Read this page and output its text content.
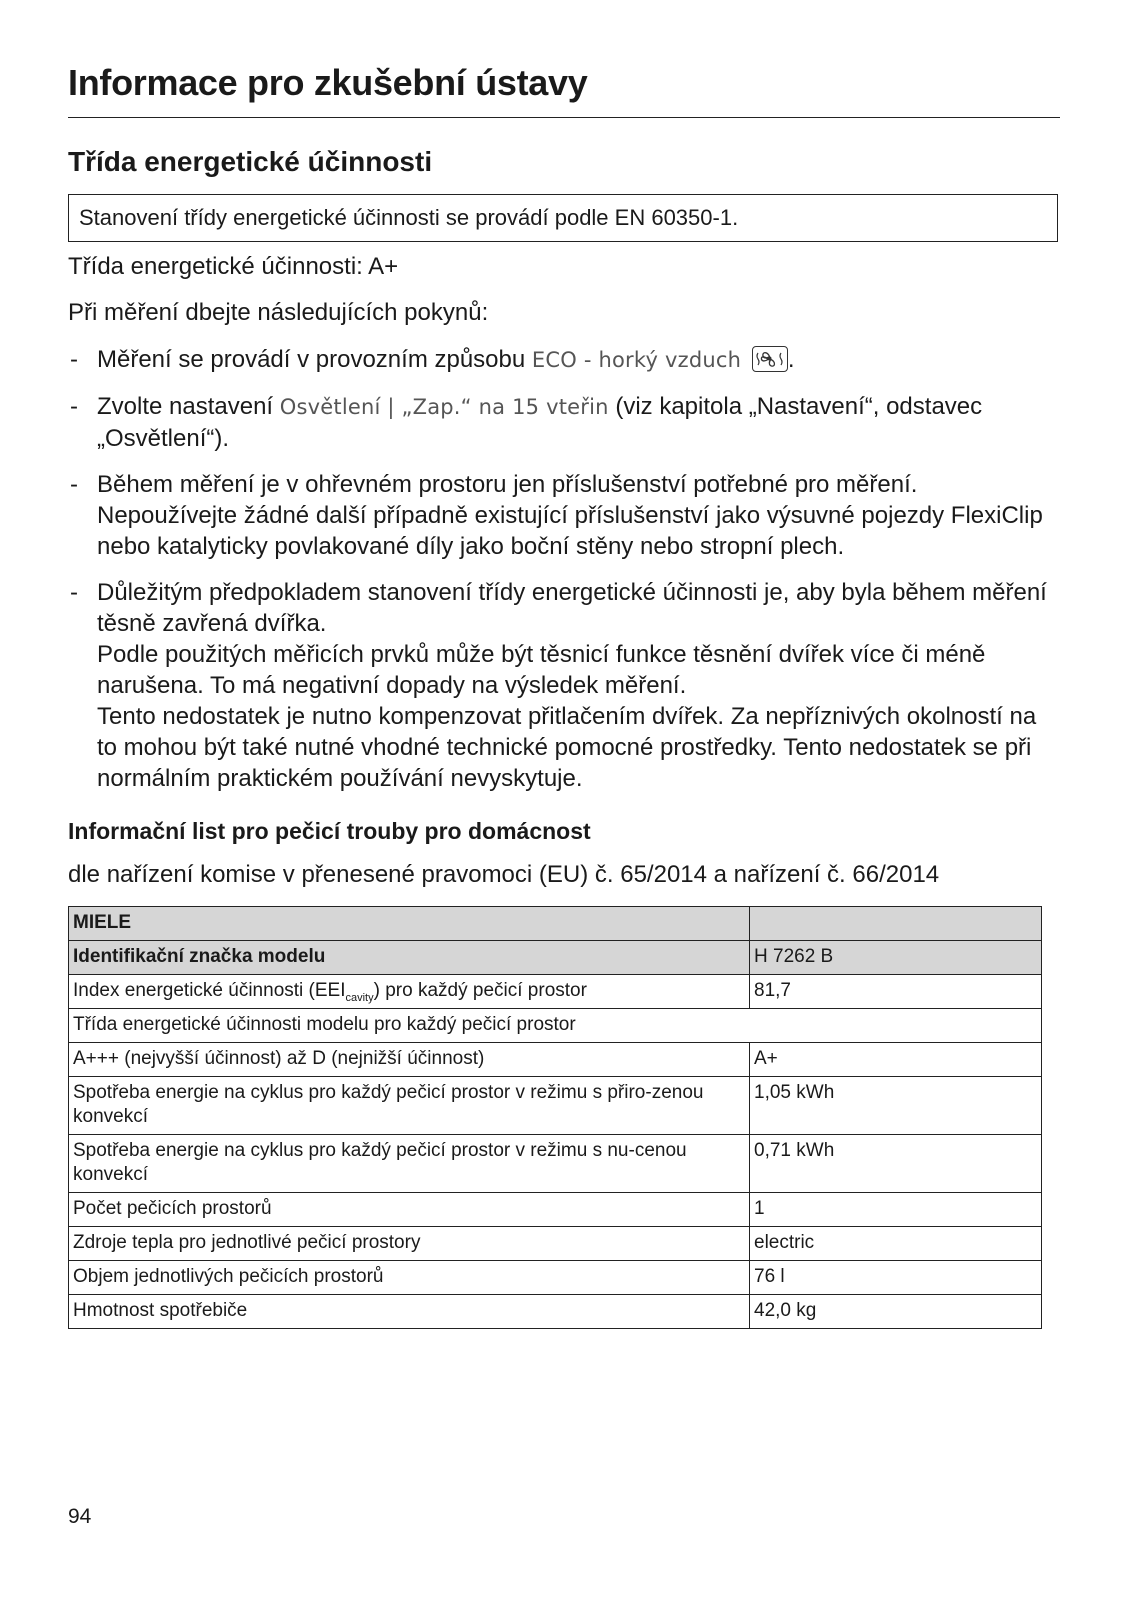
Informace pro zkušební ústavy
Třída energetické účinnosti
Stanovení třídy energetické účinnosti se provádí podle EN 60350-1.
Třída energetické účinnosti: A+
Při měření dbejte následujících pokynů:
- Měření se provádí v provozním způsobu ECO - horký vzduch .
- Zvolte nastavení Osvětlení | „Zap.“ na 15 vteřin (viz kapitola „Nastavení“, odstavec „Osvětlení“).
- Během měření je v ohřevném prostoru jen příslušenství potřebné pro měření. Nepoužívejte žádné další případně existující příslušenství jako výsuvné pojezdy FlexiClip nebo katalyticky povlakované díly jako boční stěny nebo stropní plech.
- Důležitým předpokladem stanovení třídy energetické účinnosti je, aby byla během měření těsně zavřená dvířka.
Podle použitých měřicích prvků může být těsnicí funkce těsnění dvířek více či méně narušena. To má negativní dopady na výsledek měření.
Tento nedostatek je nutno kompenzovat přitlačením dvířek. Za nepříznivých okolností na to mohou být také nutné vhodné technické pomocné prostředky. Tento nedostatek se při normálním praktickém používání nevyskytuje.
Informační list pro pečicí trouby pro domácnost
dle nařízení komise v přenesené pravomoci (EU) č. 65/2014 a nařízení č. 66/2014
MIELE	
Identifikační značka modelu	H 7262 B
Index energetické účinnosti $(EEI_{cavity})$ pro každý pečicí prostor	81,7
Třída energetické účinnosti modelu pro každý pečicí prostor	
A+++ (nejvyšší účinnost) až D (nejnižší účinnost)	A+
Spotřeba energie na cyklus pro každý pečicí prostor v režimu s přiro-zenou konvekcí	1,05 kWh
Spotřeba energie na cyklus pro každý pečicí prostor v režimu s nu-cenou konvekcí	0,71 kWh
Počet pečicích prostorů	1
Zdroje tepla pro jednotlivé pečicí prostory	electric
Objem jednotlivých pečicích prostorů	76 l
Hmotnost spotřebiče	42,0 kg
94
